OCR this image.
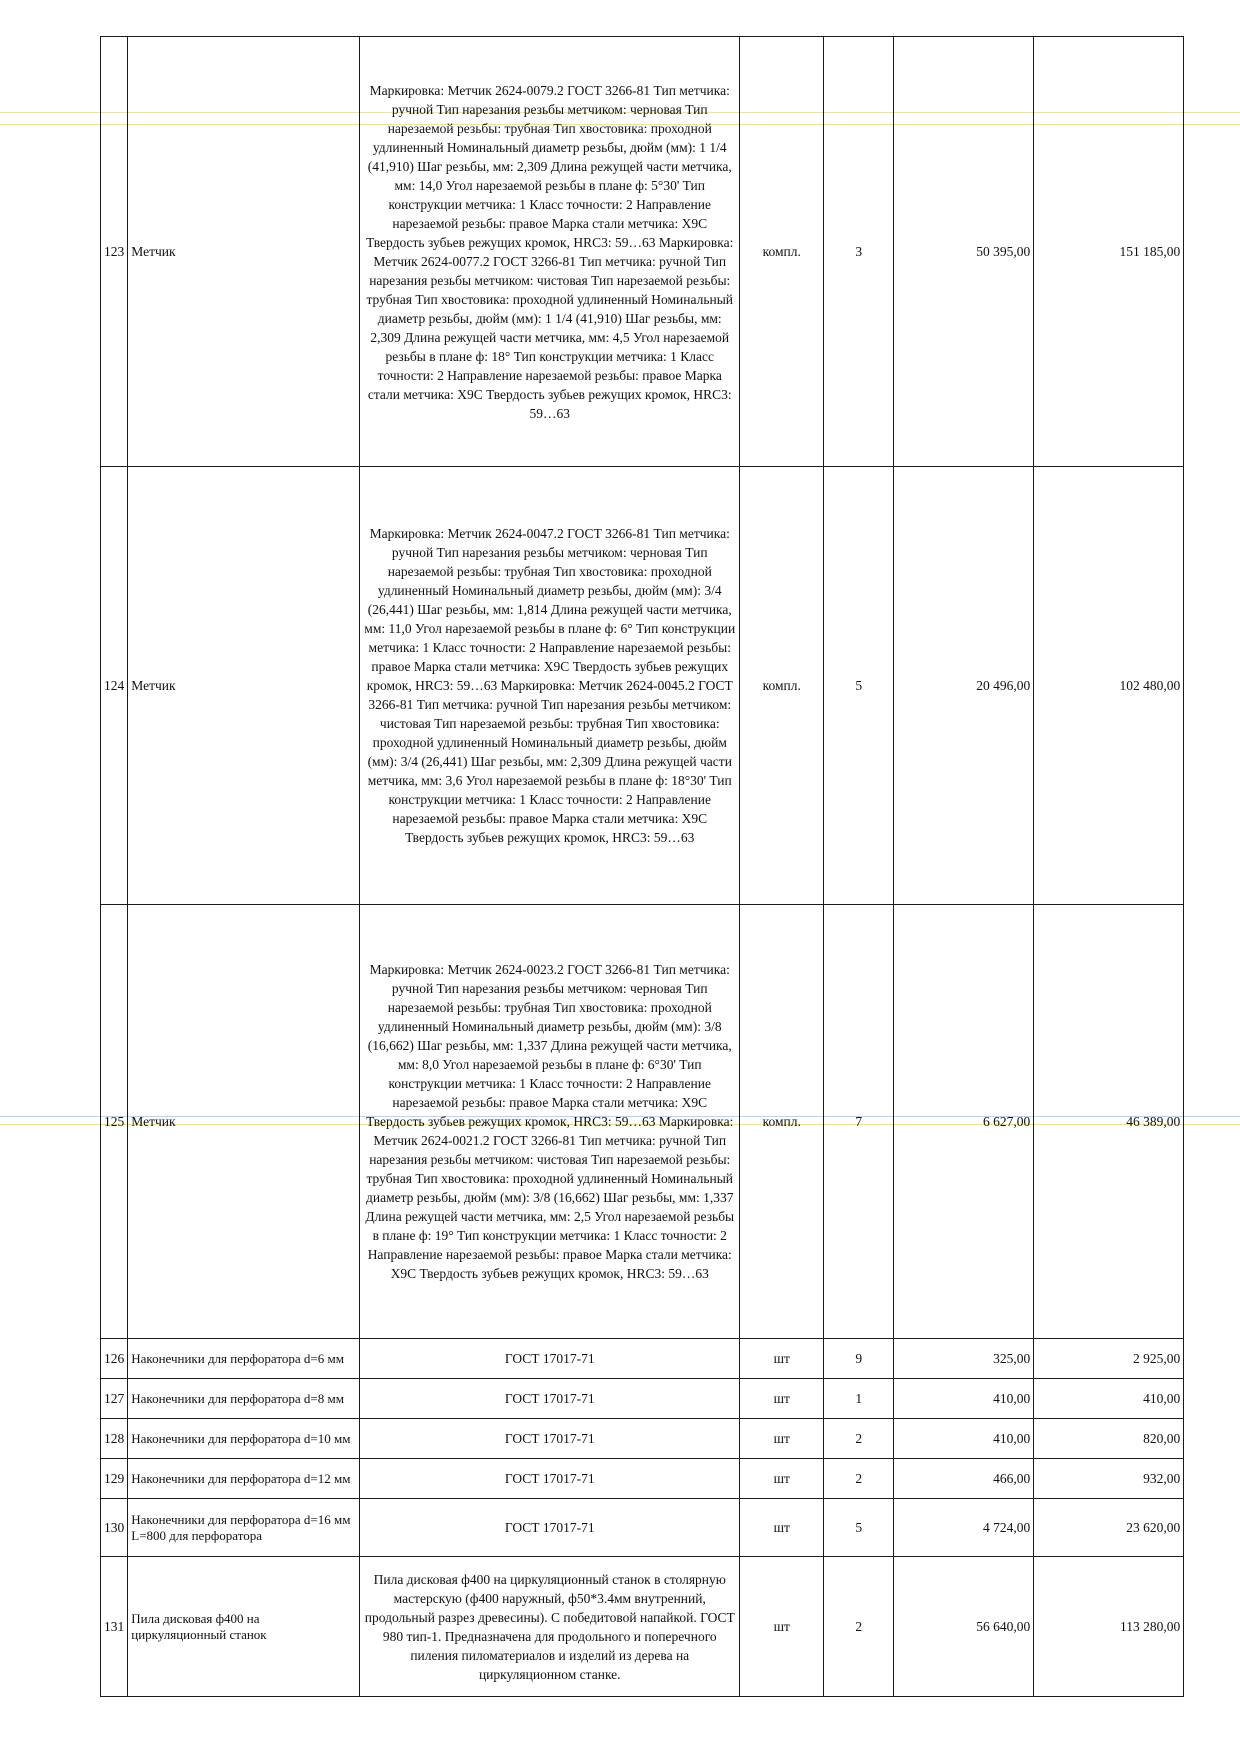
123	Метчик	Маркировка: Метчик 2624-0079.2 ГОСТ 3266-81 Тип метчика: ручной Тип нарезания резьбы метчиком: черновая Тип нарезаемой резьбы: трубная Тип хвостовика: проходной удлиненный Номинальный диаметр резьбы, дюйм (мм): 1 1/4 (41,910) Шаг резьбы, мм: 2,309 Длина режущей части метчика, мм: 14,0 Угол нарезаемой резьбы в плане ф: 5°30' Тип конструкции метчика: 1 Класс точности: 2 Направление нарезаемой резьбы: правое Марка стали метчика: Х9С Твердость зубьев режущих кромок, HRC3: 59…63 Маркировка: Метчик 2624-0077.2 ГОСТ 3266-81 Тип метчика: ручной Тип нарезания резьбы метчиком: чистовая Тип нарезаемой резьбы: трубная Тип хвостовика: проходной удлиненный Номинальный диаметр резьбы, дюйм (мм): 1 1/4 (41,910) Шаг резьбы, мм: 2,309 Длина режущей части метчика, мм: 4,5 Угол нарезаемой резьбы в плане ф: 18° Тип конструкции метчика: 1 Класс точности: 2 Направление нарезаемой резьбы: правое Марка стали метчика: Х9С Твердость зубьев режущих кромок, HRC3: 59…63	компл.	3	50 395,00	151 185,00
124	Метчик	Маркировка: Метчик 2624-0047.2 ГОСТ 3266-81 Тип метчика: ручной Тип нарезания резьбы метчиком: черновая Тип нарезаемой резьбы: трубная Тип хвостовика: проходной удлиненный Номинальный диаметр резьбы, дюйм (мм): 3/4 (26,441) Шаг резьбы, мм: 1,814 Длина режущей части метчика, мм: 11,0 Угол нарезаемой резьбы в плане ф: 6° Тип конструкции метчика: 1 Класс точности: 2 Направление нарезаемой резьбы: правое Марка стали метчика: Х9С Твердость зубьев режущих кромок, HRC3: 59…63 Маркировка: Метчик 2624-0045.2 ГОСТ 3266-81 Тип метчика: ручной Тип нарезания резьбы метчиком: чистовая Тип нарезаемой резьбы: трубная Тип хвостовика: проходной удлиненный Номинальный диаметр резьбы, дюйм (мм): 3/4 (26,441) Шаг резьбы, мм: 2,309 Длина режущей части метчика, мм: 3,6 Угол нарезаемой резьбы в плане ф: 18°30' Тип конструкции метчика: 1 Класс точности: 2 Направление нарезаемой резьбы: правое Марка стали метчика: Х9С Твердость зубьев режущих кромок, HRC3: 59…63	компл.	5	20 496,00	102 480,00
125	Метчик	Маркировка: Метчик 2624-0023.2 ГОСТ 3266-81 Тип метчика: ручной Тип нарезания резьбы метчиком: черновая Тип нарезаемой резьбы: трубная Тип хвостовика: проходной удлиненный Номинальный диаметр резьбы, дюйм (мм): 3/8 (16,662) Шаг резьбы, мм: 1,337 Длина режущей части метчика, мм: 8,0 Угол нарезаемой резьбы в плане ф: 6°30' Тип конструкции метчика: 1 Класс точности: 2 Направление нарезаемой резьбы: правое Марка стали метчика: Х9С Твердость зубьев режущих кромок, HRC3: 59…63 Маркировка: Метчик 2624-0021.2 ГОСТ 3266-81 Тип метчика: ручной Тип нарезания резьбы метчиком: чистовая Тип нарезаемой резьбы: трубная Тип хвостовика: проходной удлиненный Номинальный диаметр резьбы, дюйм (мм): 3/8 (16,662) Шаг резьбы, мм: 1,337 Длина режущей части метчика, мм: 2,5 Угол нарезаемой резьбы в плане ф: 19° Тип конструкции метчика: 1 Класс точности: 2 Направление нарезаемой резьбы: правое Марка стали метчика: Х9С Твердость зубьев режущих кромок, HRC3: 59…63	компл.	7	6 627,00	46 389,00
126	Наконечники для перфоратора d=6 мм	ГОСТ 17017-71	шт	9	325,00	2 925,00
127	Наконечники для перфоратора d=8 мм	ГОСТ 17017-71	шт	1	410,00	410,00
128	Наконечники для перфоратора d=10 мм	ГОСТ 17017-71	шт	2	410,00	820,00
129	Наконечники для перфоратора d=12 мм	ГОСТ 17017-71	шт	2	466,00	932,00
130	Наконечники для перфоратора d=16 мм L=800 для перфоратора	ГОСТ 17017-71	шт	5	4 724,00	23 620,00
131	Пила дисковая ф400 на циркуляционный станок	Пила дисковая ф400 на циркуляционный станок в столярную мастерскую (ф400 наружный, ф50*3.4мм внутренний, продольный разрез древесины). С победитовой напайкой. ГОСТ 980 тип-1. Предназначена для продольного и поперечного пиления пиломатериалов и изделий из дерева на циркуляционном станке.	шт	2	56 640,00	113 280,00
